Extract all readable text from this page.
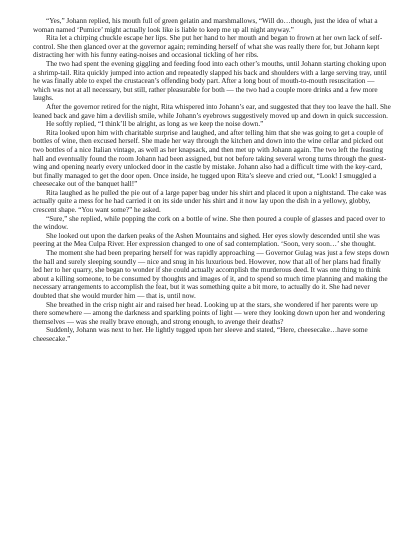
“Yes,” Johann replied, his mouth full of green gelatin and marshmallows, “Will do…though, just the idea of what a woman named ‘Pumice’ might actually look like is liable to keep me up all night anyway.”

Rita let a chirping chuckle escape her lips. She put her hand to her mouth and began to frown at her own lack of self-control. She then glanced over at the governor again; reminding herself of what she was really there for, but Johann kept distracting her with his funny eating-noises and occasional tickling of her ribs.

The two had spent the evening giggling and feeding food into each other’s mouths, until Johann starting choking upon a shrimp-tail. Rita quickly jumped into action and repeatedly slapped his back and shoulders with a large serving tray, until he was finally able to expel the crustacean’s offending body part. After a long bout of mouth-to-mouth resuscitation — which was not at all necessary, but still, rather pleasurable for both — the two had a couple more drinks and a few more laughs.

After the governor retired for the night, Rita whispered into Johann’s ear, and suggested that they too leave the hall. She leaned back and gave him a devilish smile, while Johann’s eyebrows suggestively moved up and down in quick succession.

He softly replied, “I think’ll be alright, as long as we keep the noise down.”

Rita looked upon him with charitable surprise and laughed, and after telling him that she was going to get a couple of bottles of wine, then excused herself. She made her way through the kitchen and down into the wine cellar and picked out two bottles of a nice Italian vintage, as well as her knapsack, and then met up with Johann again. The two left the feasting hall and eventually found the room Johann had been assigned, but not before taking several wrong turns through the guest-wing and opening nearly every unlocked door in the castle by mistake. Johann also had a difficult time with the key-card, but finally managed to get the door open. Once inside, he tugged upon Rita’s sleeve and cried out, “Look! I smuggled a cheesecake out of the banquet hall!”

Rita laughed as he pulled the pie out of a large paper bag under his shirt and placed it upon a nightstand. The cake was actually quite a mess for he had carried it on its side under his shirt and it now lay upon the dish in a yellowy, globby, crescent shape. “You want some?” he asked.

“Sure,” she replied, while popping the cork on a bottle of wine. She then poured a couple of glasses and paced over to the window.

She looked out upon the darken peaks of the Ashen Mountains and sighed. Her eyes slowly descended until she was peering at the Mea Culpa River. Her expression changed to one of sad contemplation. ‘Soon, very soon…’ she thought.

The moment she had been preparing herself for was rapidly approaching — Governor Gulag was just a few steps down the hall and surely sleeping soundly — nice and snug in his luxurious bed. However, now that all of her plans had finally led her to her quarry, she began to wonder if she could actually accomplish the murderous deed. It was one thing to think about a killing someone, to be consumed by thoughts and images of it, and to spend so much time planning and making the necessary arrangements to accomplish the feat, but it was something quite a bit more, to actually do it. She had never doubted that she would murder him — that is, until now.

She breathed in the crisp night air and raised her head. Looking up at the stars, she wondered if her parents were up there somewhere — among the darkness and sparkling points of light — were they looking down upon her and wondering themselves — was she really brave enough, and strong enough, to avenge their deaths?

Suddenly, Johann was next to her. He lightly tugged upon her sleeve and stated, “Here, cheesecake…have some cheesecake.”
